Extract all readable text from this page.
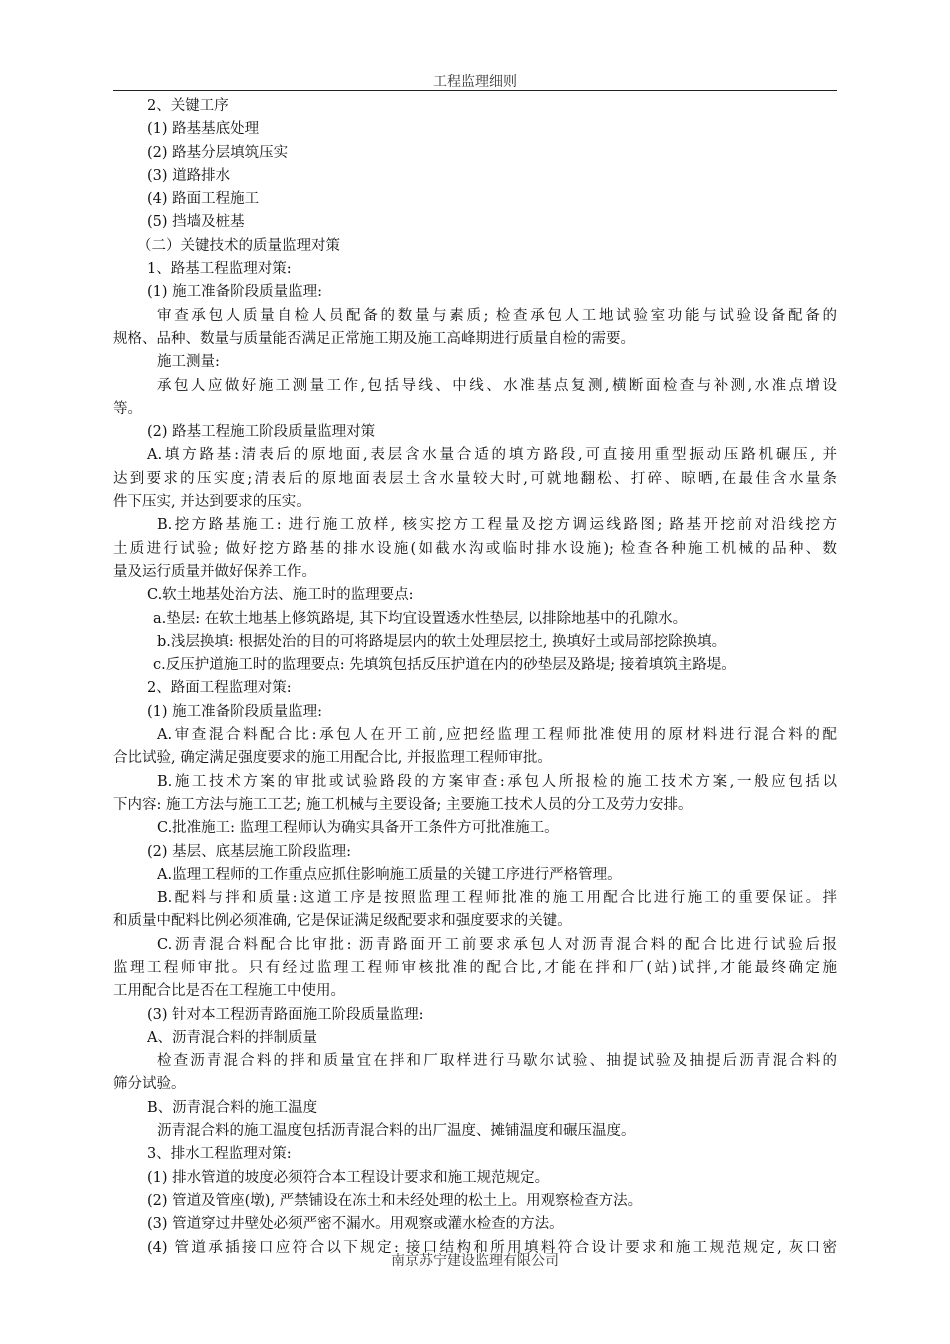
工程监理细则
2、关键工序
(1) 路基基底处理
(2) 路基分层填筑压实
(3) 道路排水
(4) 路面工程施工
(5) 挡墙及桩基
（二）关键技术的质量监理对策
1、路基工程监理对策:
(1) 施工准备阶段质量监理:
审查承包人质量自检人员配备的数量与素质; 检查承包人工地试验室功能与试验设备配备的
规格、品种、数量与质量能否满足正常施工期及施工高峰期进行质量自检的需要。
施工测量:
承包人应做好施工测量工作,包括导线、中线、水准基点复测,横断面检查与补测,水准点增设
等。
(2) 路基工程施工阶段质量监理对策
A.填方路基:清表后的原地面,表层含水量合适的填方路段,可直接用重型振动压路机碾压, 并
达到要求的压实度;清表后的原地面表层土含水量较大时,可就地翻松、打碎、晾晒,在最佳含水量条
件下压实, 并达到要求的压实。
B.挖方路基施工: 进行施工放样, 核实挖方工程量及挖方调运线路图; 路基开挖前对沿线挖方
土质进行试验; 做好挖方路基的排水设施(如截水沟或临时排水设施); 检查各种施工机械的品种、数
量及运行质量并做好保养工作。
C.软土地基处治方法、施工时的监理要点:
a.垫层: 在软土地基上修筑路堤, 其下均宜设置透水性垫层, 以排除地基中的孔隙水。
b.浅层换填: 根据处治的目的可将路堤层内的软土处理层挖土, 换填好土或局部挖除换填。
c.反压护道施工时的监理要点: 先填筑包括反压护道在内的砂垫层及路堤; 接着填筑主路堤。
2、路面工程监理对策:
(1) 施工准备阶段质量监理:
A.审查混合料配合比:承包人在开工前,应把经监理工程师批准使用的原材料进行混合料的配
合比试验, 确定满足强度要求的施工用配合比, 并报监理工程师审批。
B.施工技术方案的审批或试验路段的方案审查:承包人所报检的施工技术方案,一般应包括以
下内容: 施工方法与施工工艺; 施工机械与主要设备; 主要施工技术人员的分工及劳力安排。
C.批准施工: 监理工程师认为确实具备开工条件方可批准施工。
(2) 基层、底基层施工阶段监理:
A.监理工程师的工作重点应抓住影响施工质量的关键工序进行严格管理。
B.配料与拌和质量:这道工序是按照监理工程师批准的施工用配合比进行施工的重要保证。拌
和质量中配料比例必须准确, 它是保证满足级配要求和强度要求的关键。
C.沥青混合料配合比审批: 沥青路面开工前要求承包人对沥青混合料的配合比进行试验后报
监理工程师审批。只有经过监理工程师审核批准的配合比,才能在拌和厂(站)试拌,才能最终确定施
工用配合比是否在工程施工中使用。
(3) 针对本工程沥青路面施工阶段质量监理:
A、沥青混合料的拌制质量
检查沥青混合料的拌和质量宜在拌和厂取样进行马歇尔试验、抽提试验及抽提后沥青混合料的
筛分试验。
B、沥青混合料的施工温度
沥青混合料的施工温度包括沥青混合料的出厂温度、摊铺温度和碾压温度。
3、排水工程监理对策:
(1) 排水管道的坡度必须符合本工程设计要求和施工规范规定。
(2) 管道及管座(墩), 严禁铺设在冻土和未经处理的松土上。用观察检查方法。
(3) 管道穿过井壁处必须严密不漏水。用观察或灌水检查的方法。
(4) 管道承插接口应符合以下规定: 接口结构和所用填料符合设计要求和施工规范规定, 灰口密
南京苏宁建设监理有限公司
